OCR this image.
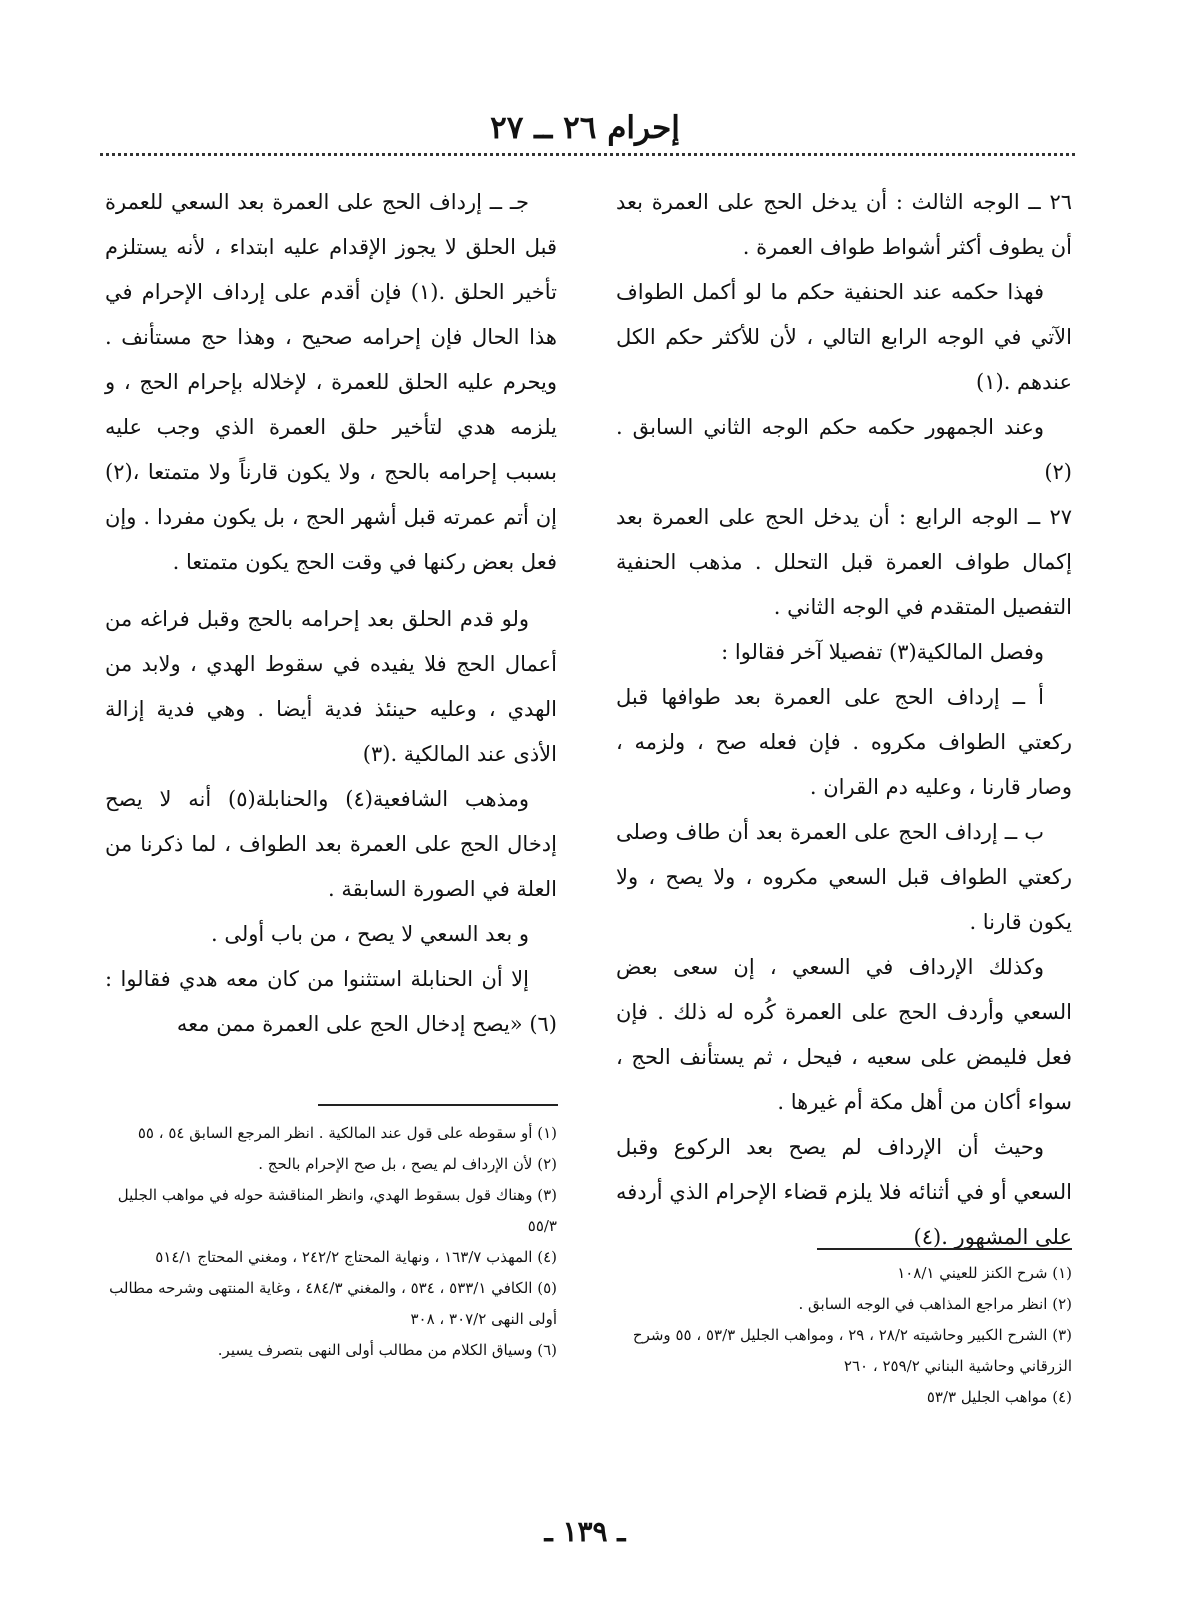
إحرام ٢٦ ــ ٢٧

٢٦ ــ الوجه الثالث : أن يدخل الحج على العمرة بعد أن يطوف أكثر أشواط طواف العمرة .

فهذا حكمه عند الحنفية حكم ما لو أكمل الطواف الآتي في الوجه الرابع التالي ، لأن للأكثر حكم الكل عندهم .(١)

وعند الجمهور حكمه حكم الوجه الثاني السابق .(٢)

٢٧ ــ الوجه الرابع : أن يدخل الحج على العمرة بعد إكمال طواف العمرة قبل التحلل . مذهب الحنفية التفصيل المتقدم في الوجه الثاني .

وفصل المالكية(٣) تفصيلا آخر فقالوا :

أ ــ إرداف الحج على العمرة بعد طوافها قبل ركعتي الطواف مكروه . فإن فعله صح ، ولزمه ، وصار قارنا ، وعليه دم القران .

ب ــ إرداف الحج على العمرة بعد أن طاف وصلى ركعتي الطواف قبل السعي مكروه ، ولا يصح ، ولا يكون قارنا .

وكذلك الإرداف في السعي ، إن سعى بعض السعي وأردف الحج على العمرة كُره له ذلك . فإن فعل فليمض على سعيه ، فيحل ، ثم يستأنف الحج ، سواء أكان من أهل مكة أم غيرها .

وحيث أن الإرداف لم يصح بعد الركوع وقبل السعي أو في أثنائه فلا يلزم قضاء الإحرام الذي أردفه على المشهور .(٤)

جـ ــ إرداف الحج على العمرة بعد السعي للعمرة قبل الحلق لا يجوز الإقدام عليه ابتداء ، لأنه يستلزم تأخير الحلق .(١) فإن أقدم على إرداف الإحرام في هذا الحال فإن إحرامه صحيح ، وهذا حج مستأنف . ويحرم عليه الحلق للعمرة ، لإخلاله بإحرام الحج ، و يلزمه هدي لتأخير حلق العمرة الذي وجب عليه بسبب إحرامه بالحج ، ولا يكون قارناً ولا متمتعا ،(٢) إن أتم عمرته قبل أشهر الحج ، بل يكون مفردا . وإن فعل بعض ركنها في وقت الحج يكون متمتعا .

ولو قدم الحلق بعد إحرامه بالحج وقبل فراغه من أعمال الحج فلا يفيده في سقوط الهدي ، ولابد من الهدي ، وعليه حينئذ فدية أيضا . وهي فدية إزالة الأذى عند المالكية .(٣)

ومذهب الشافعية(٤) والحنابلة(٥) أنه لا يصح إدخال الحج على العمرة بعد الطواف ، لما ذكرنا من العلة في الصورة السابقة .

و بعد السعي لا يصح ، من باب أولى .

إلا أن الحنابلة استثنوا من كان معه هدي فقالوا :(٦) «يصح إدخال الحج على العمرة ممن معه

(١) أو سقوطه على قول عند المالكية . انظر المرجع السابق ٥٤ ، ٥٥

(٢) لأن الإرداف لم يصح ، بل صح الإحرام بالحج .

(٣) وهناك قول بسقوط الهدي، وانظر المناقشة حوله في مواهب الجليل ٥٥/٣

(٤) المهذب ١٦٣/٧ ، ونهاية المحتاج ٢٤٢/٢ ، ومغني المحتاج ٥١٤/١

(٥) الكافي ٥٣٣/١ ، ٥٣٤ ، والمغني ٤٨٤/٣ ، وغاية المنتهى وشرحه مطالب أولى النهى ٣٠٧/٢ ، ٣٠٨

(٦) وسياق الكلام من مطالب أولى النهى بتصرف يسير.

(١) شرح الكنز للعيني ١٠٨/١

(٢) انظر مراجع المذاهب في الوجه السابق .

(٣) الشرح الكبير وحاشيته ٢٨/٢ ، ٢٩ ، ومواهب الجليل ٥٣/٣ ، ٥٥ وشرح الزرقاني وحاشية البناني ٢٥٩/٢ ، ٢٦٠

(٤) مواهب الجليل ٥٣/٣

ـ ١٣٩ ـ
